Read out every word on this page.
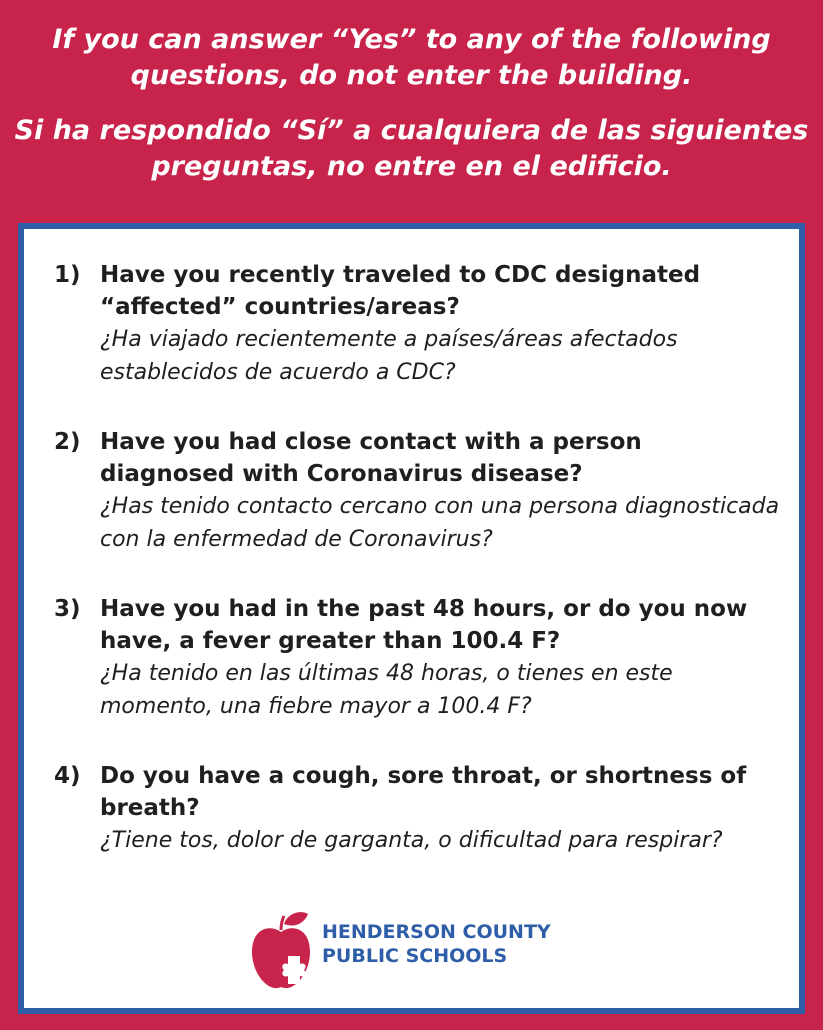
If you can answer “Yes” to any of the following questions, do not enter the building.
Si ha respondido “Sí” a cualquiera de las siguientes preguntas, no entre en el edificio.
1) Have you recently traveled to CDC designated “affected” countries/areas?
¿Ha viajado recientemente a países/áreas afectados establecidos de acuerdo a CDC?
2) Have you had close contact with a person diagnosed with Coronavirus disease?
¿Has tenido contacto cercano con una persona diagnosticada con la enfermedad de Coronavirus?
3) Have you had in the past 48 hours, or do you now have, a fever greater than 100.4 F?
¿Ha tenido en las últimas 48 horas, o tienes en este momento, una fiebre mayor a 100.4 F?
4) Do you have a cough, sore throat, or shortness of breath?
¿Tiene tos, dolor de garganta, o dificultad para respirar?
HENDERSON COUNTY
PUBLIC SCHOOLS
